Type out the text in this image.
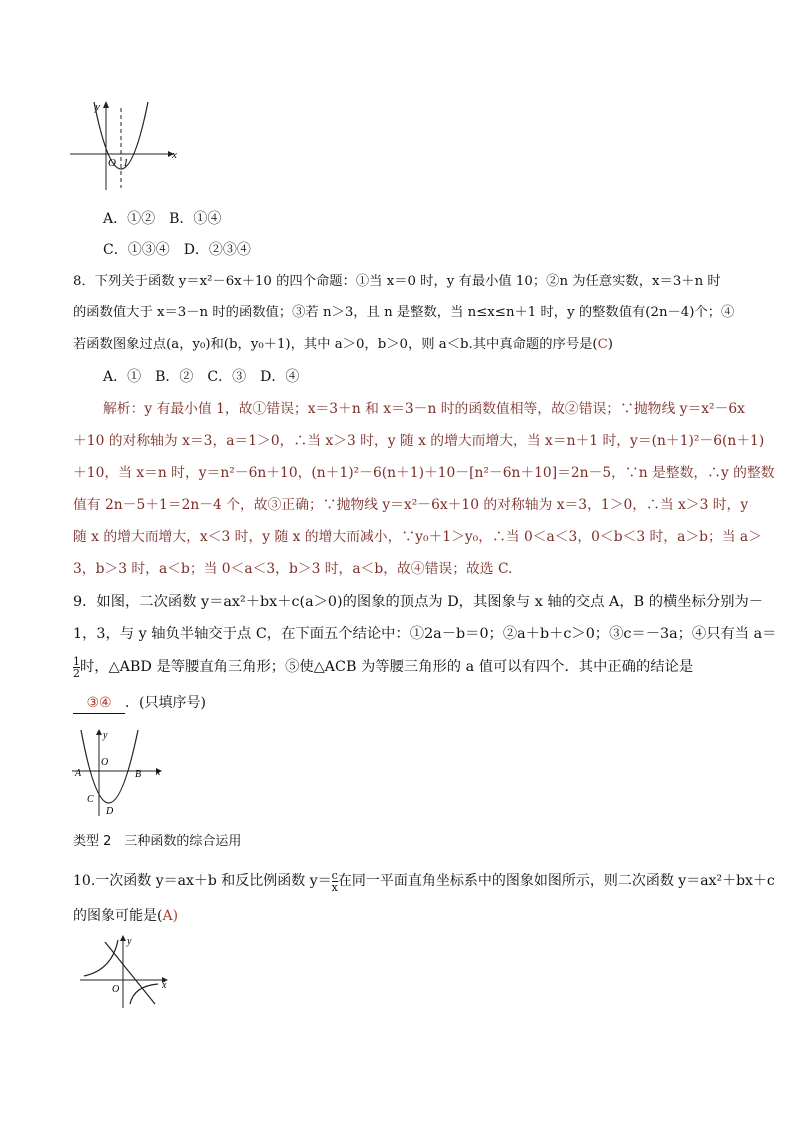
y
x
O 1
A．①②　B．①④
C．①③④　D．②③④
8．下列关于函数 y＝x²－6x＋10 的四个命题：①当 x＝0 时，y 有最小值 10；②n 为任意实数，x＝3＋n 时
的函数值大于 x＝3－n 时的函数值；③若 n＞3，且 n 是整数，当 n≤x≤n＋1 时，y 的整数值有(2n－4)个；④
若函数图象过点(a，y₀)和(b，y₀＋1)，其中 a＞0，b＞0，则 a＜b.其中真命题的序号是(C)
A．①　B．②　C．③　D．④
解析：y 有最小值 1，故①错误；x＝3＋n 和 x＝3－n 时的函数值相等，故②错误；∵抛物线 y＝x²－6x
＋10 的对称轴为 x＝3，a＝1＞0，∴当 x＞3 时，y 随 x 的增大而增大，当 x＝n＋1 时，y＝(n＋1)²－6(n＋1)
＋10，当 x＝n 时，y＝n²－6n＋10，(n＋1)²－6(n＋1)＋10－[n²－6n＋10]＝2n－5，∵n 是整数，∴y 的整数
值有 2n－5＋1＝2n－4 个，故③正确；∵抛物线 y＝x²－6x＋10 的对称轴为 x＝3，1＞0，∴当 x＞3 时，y
随 x 的增大而增大，x＜3 时，y 随 x 的增大而减小，∵y₀＋1＞y₀，∴当 0＜a＜3，0＜b＜3 时，a＞b；当 a＞
3，b＞3 时，a＜b；当 0＜a＜3，b＞3 时，a＜b，故④错误；故选 C.
9．如图，二次函数 y＝ax²＋bx＋c(a＞0)的图象的顶点为 D，其图象与 x 轴的交点 A，B 的横坐标分别为－
1，3，与 y 轴负半轴交于点 C，在下面五个结论中：①2a－b＝0；②a＋b＋c＞0；③c＝－3a；④只有当 a＝
$\frac{1}{2}$ 时，△ABD 是等腰直角三角形；⑤使△ACB 为等腰三角形的 a 值可以有四个．其中正确的结论是
③④ ．(只填序号)
y
x
O
A	B
C
D
类型 2　三种函数的综合运用
10.一次函数 y＝ax＋b 和反比例函数 $y= \frac{c}{x}$ 在同一平面直角坐标系中的图象如图所示，则二次函数 y＝ax²＋bx＋c
的图象可能是(A)
y
x
O
